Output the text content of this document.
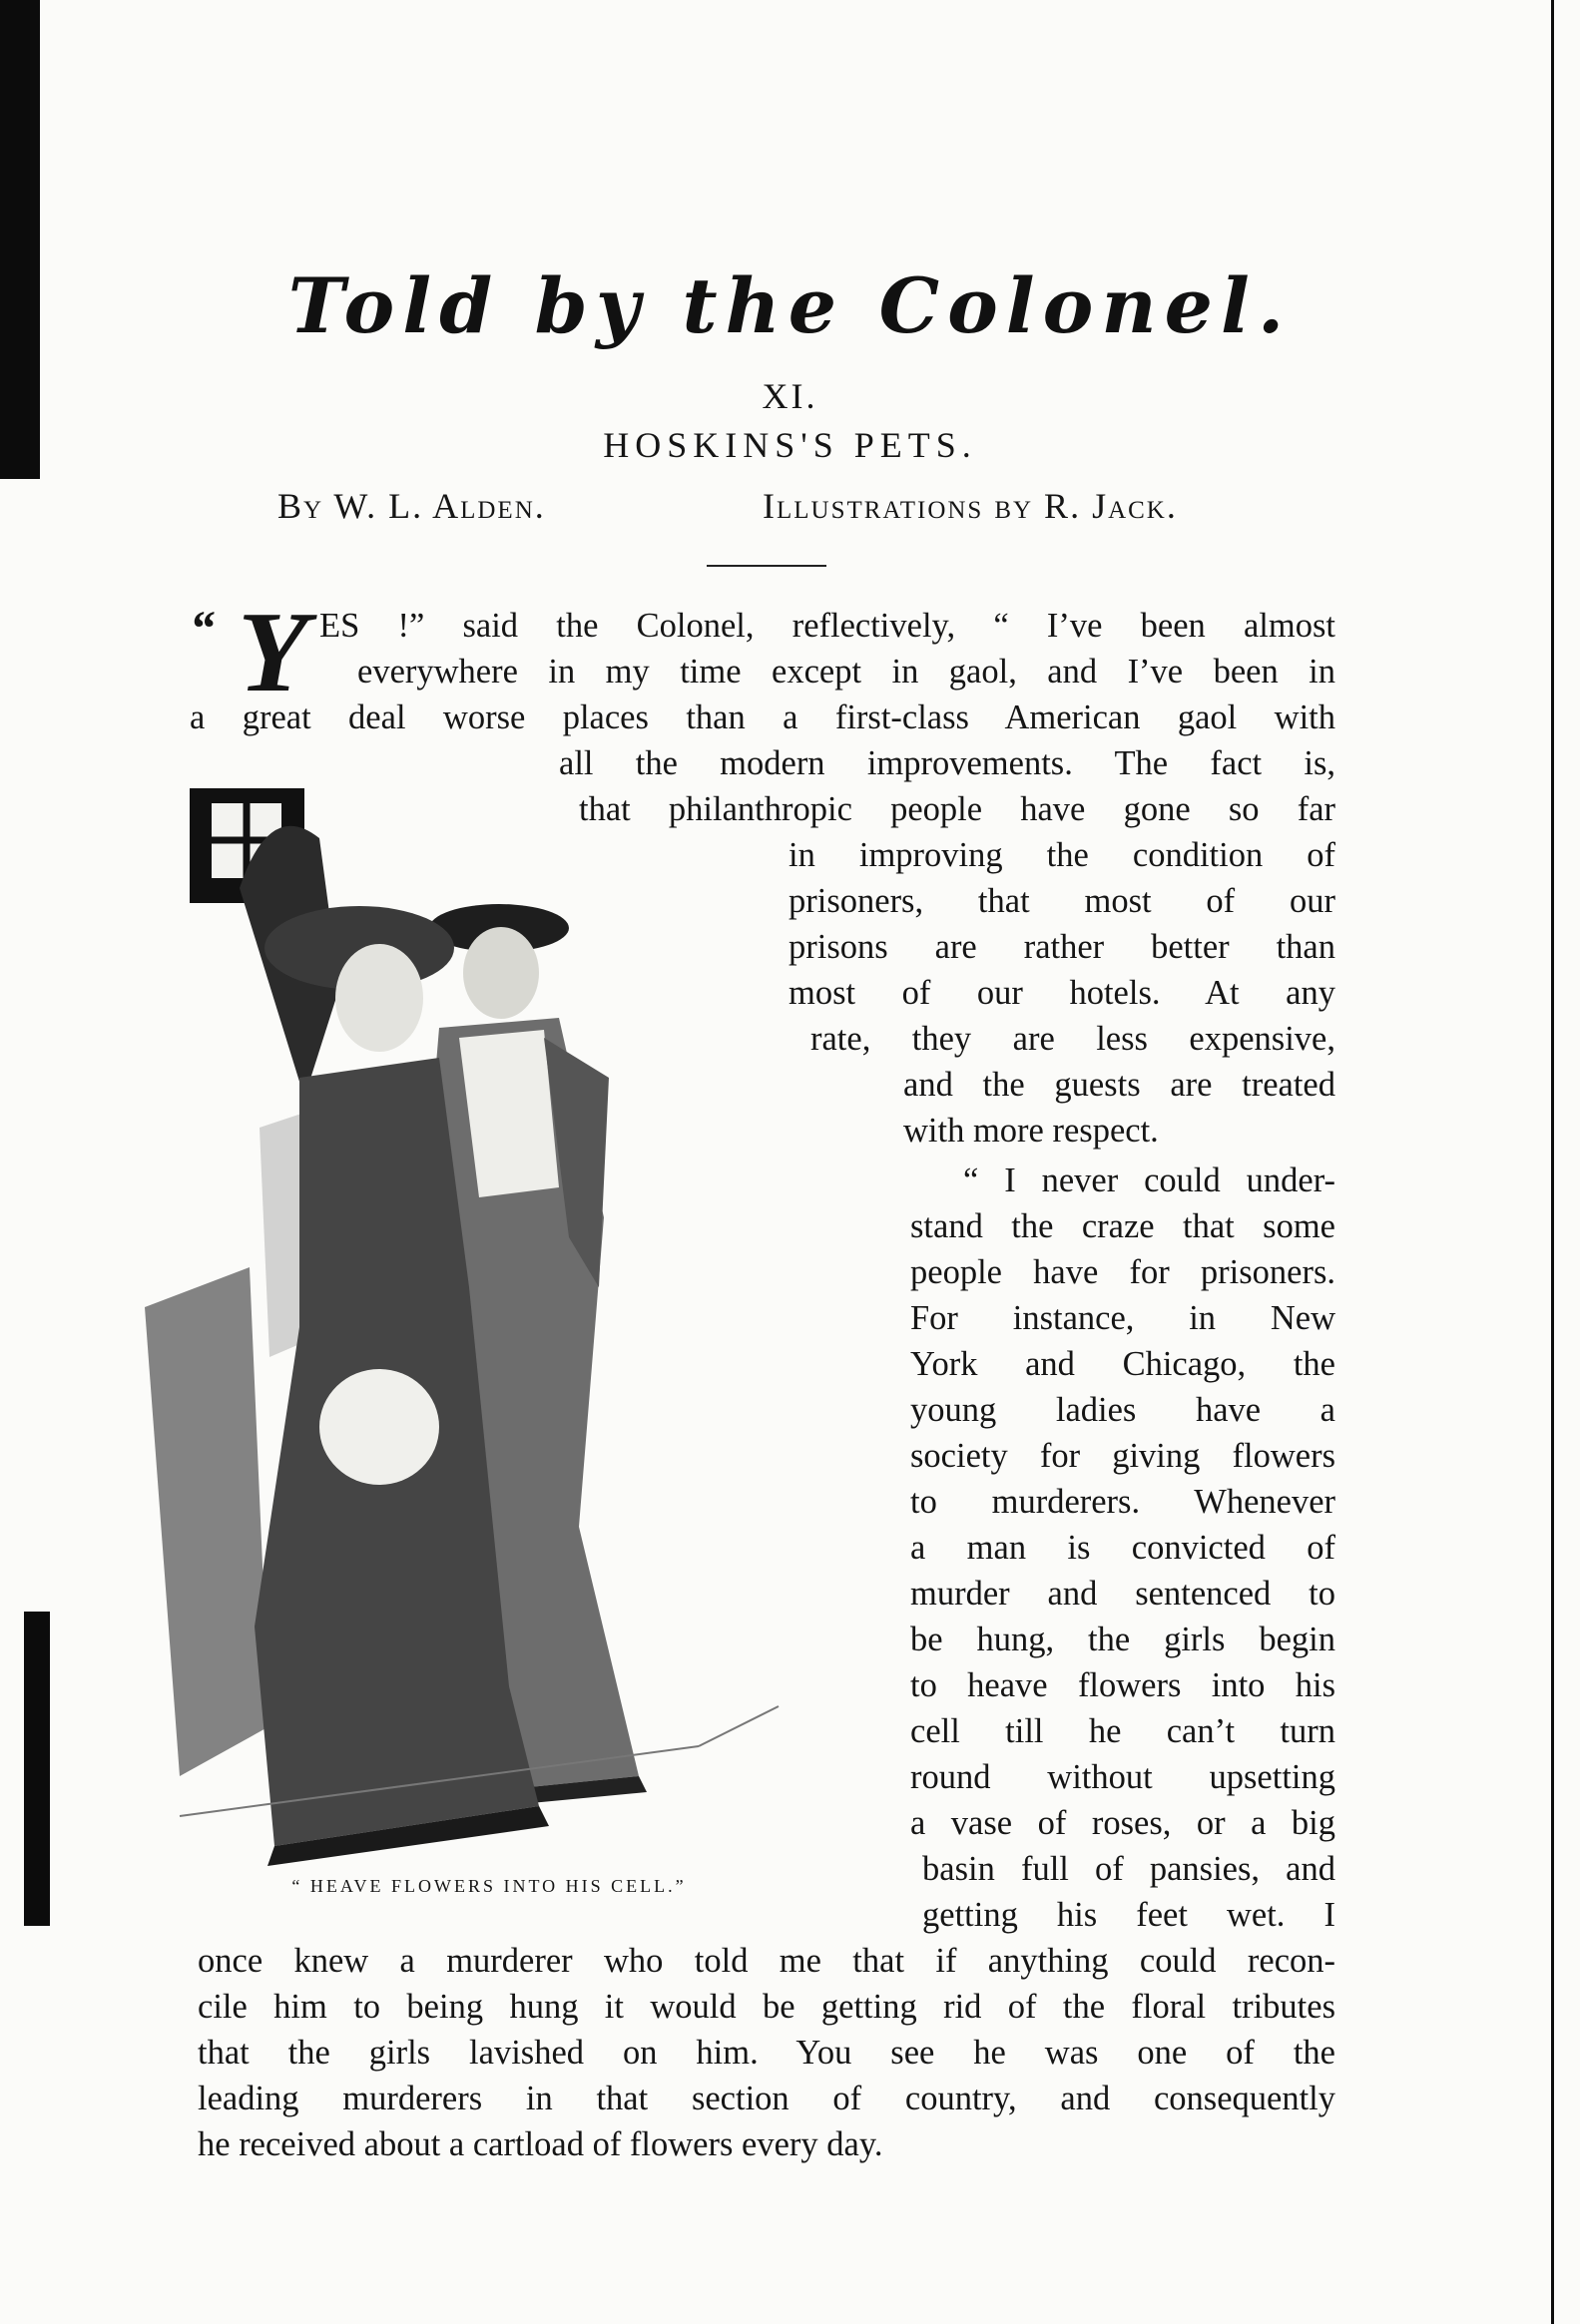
Told by the Colonel.
XI.
HOSKINS'S PETS.
By W. L. Alden.	Illustrations by R. Jack.
“ Y
“ HEAVE FLOWERS INTO HIS CELL.”
ES !” said the Colonel, reflectively, “ I’ve been almost
everywhere in my time except in gaol, and I’ve been in
a great deal worse places than a first-class American gaol with
all the modern improvements. The fact is,
that philanthropic people have gone so far
in improving the condition of
prisoners, that most of our
prisons are rather better than
most of our hotels. At any
rate, they are less expensive,
and the guests are treated
with more respect.
“ I never could under-
stand the craze that some
people have for prisoners.
For instance, in New
York and Chicago, the
young ladies have a
society for giving flowers
to murderers. Whenever
a man is convicted of
murder and sentenced to
be hung, the girls begin
to heave flowers into his
cell till he can’t turn
round without upsetting
a vase of roses, or a big
basin full of pansies, and
getting his feet wet. I
once knew a murderer who told me that if anything could recon-
cile him to being hung it would be getting rid of the floral tributes
that the girls lavished on him. You see he was one of the
leading murderers in that section of country, and consequently
he received about a cartload of flowers every day.
